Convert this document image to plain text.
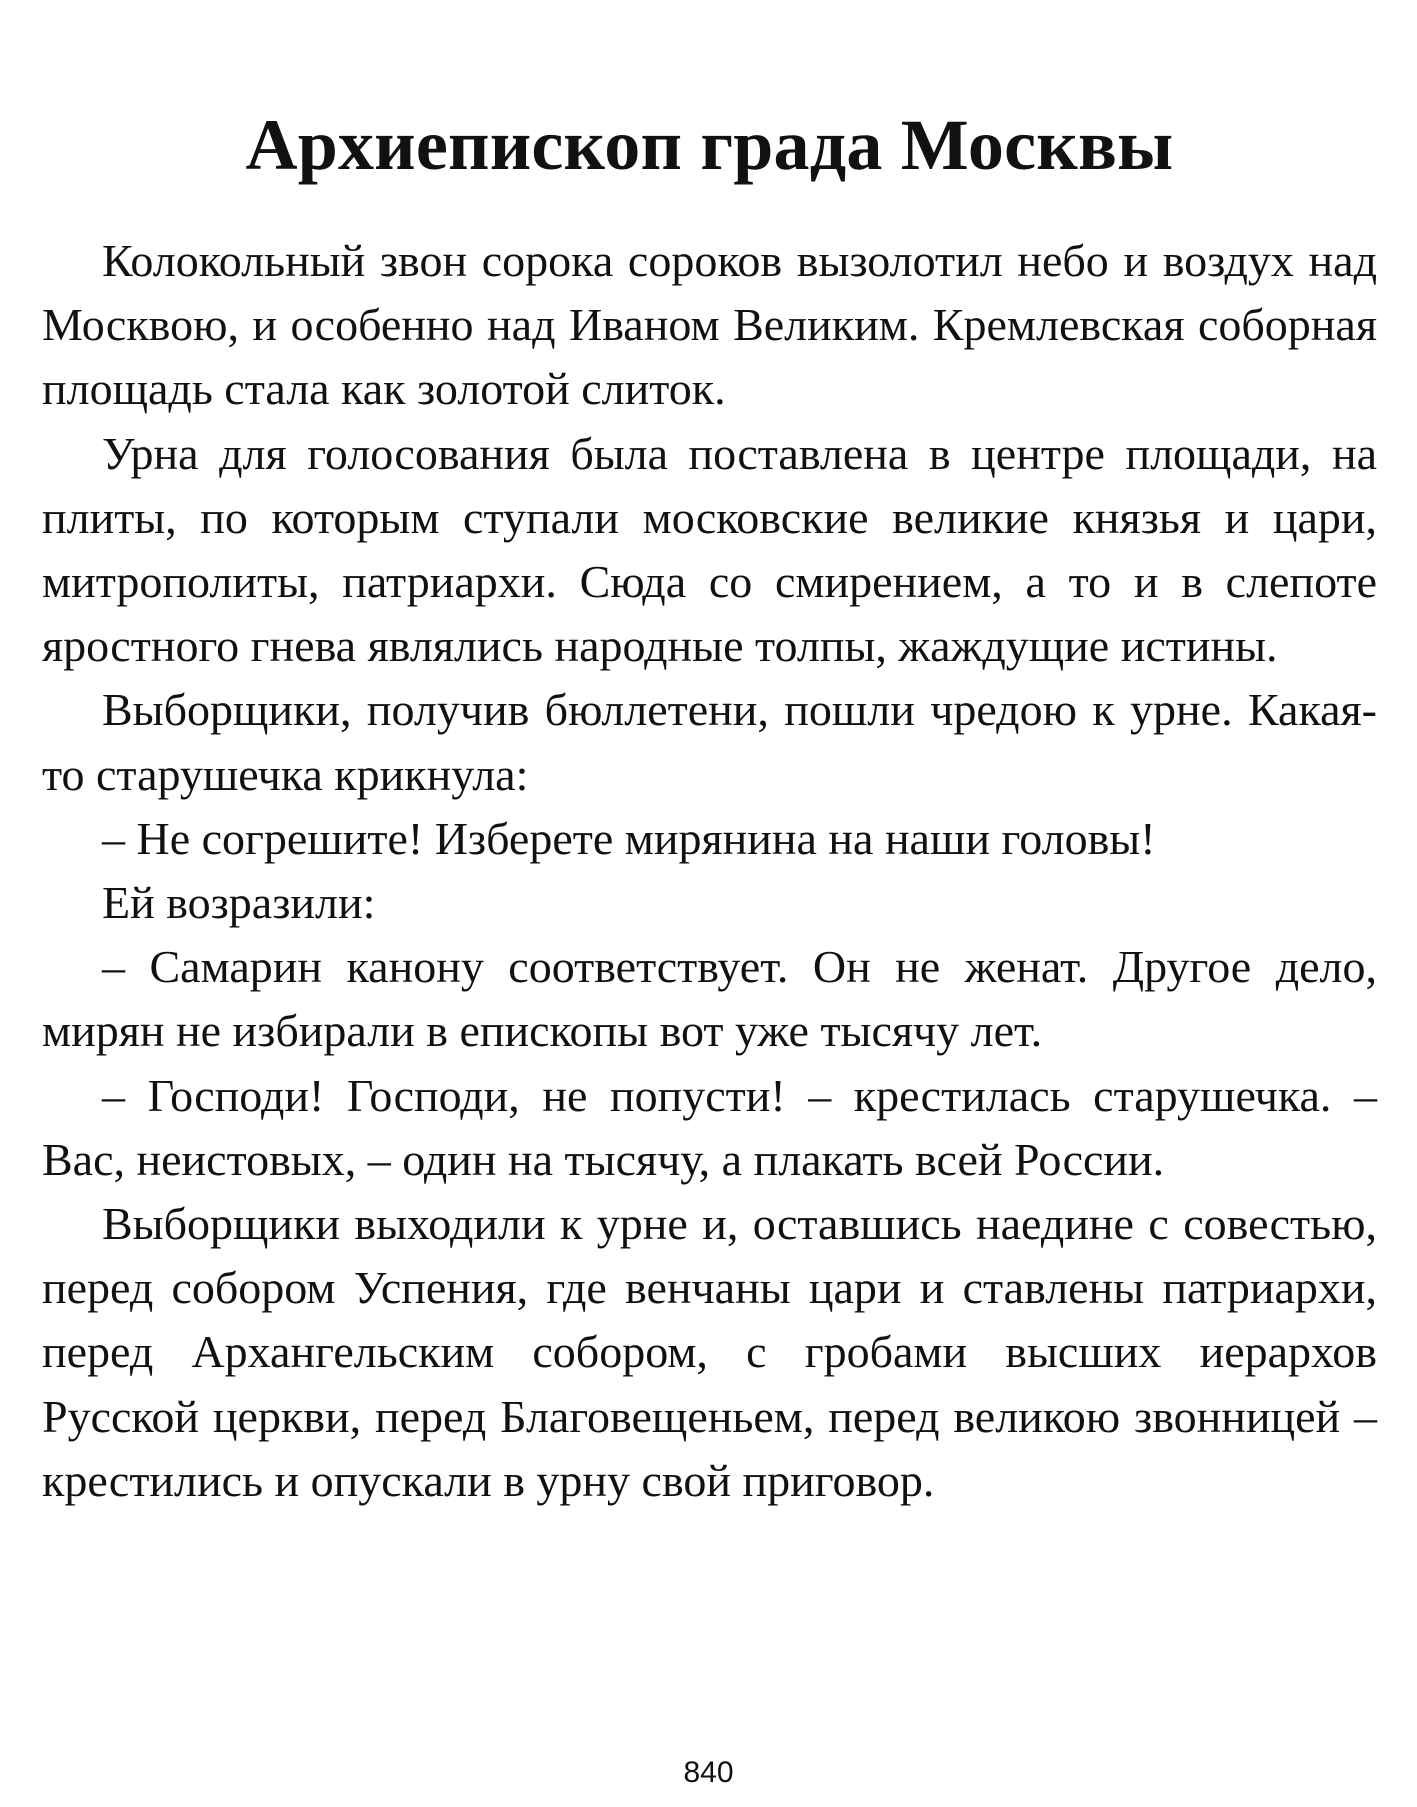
Архиепископ града Москвы

Колокольный звон сорока сороков вызолотил небо и воздух над Москвою, и особенно над Иваном Великим. Кремлевская соборная площадь стала как золотой слиток.

Урна для голосования была поставлена в центре площади, на плиты, по которым ступали московские великие князья и цари, митрополиты, патриархи. Сюда со смирением, а то и в слепоте яростного гнева являлись народные толпы, жаждущие истины.

Выборщики, получив бюллетени, пошли чредою к урне. Какая-то старушечка крикнула:

– Не согрешите! Изберете мирянина на наши головы!

Ей возразили:

– Самарин канону соответствует. Он не женат. Другое дело, мирян не избирали в епископы вот уже тысячу лет.

– Господи! Господи, не попусти! – крестилась старушечка. – Вас, неистовых, – один на тысячу, а плакать всей России.

Выборщики выходили к урне и, оставшись наедине с совестью, перед собором Успения, где венчаны цари и ставлены патриархи, перед Архангельским собором, с гробами высших иерархов Русской церкви, перед Благовещеньем, перед великою звонницей – крестились и опускали в урну свой приговор.

840
